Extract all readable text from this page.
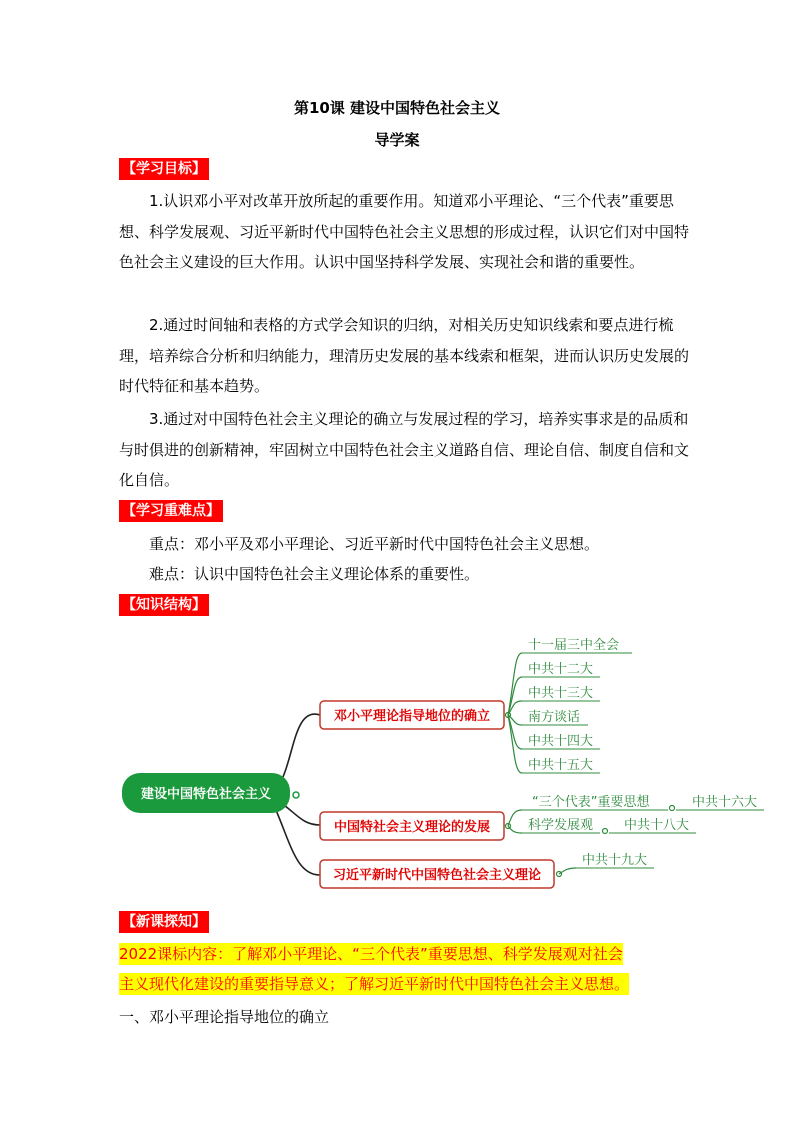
第10课 建设中国特色社会主义
导学案
【学习目标】

1.认识邓小平对改革开放所起的重要作用。知道邓小平理论、“三个代表”重要思想、科学发展观、习近平新时代中国特色社会主义思想的形成过程，认识它们对中国特色社会主义建设的巨大作用。认识中国坚持科学发展、实现社会和谐的重要性。

2.通过时间轴和表格的方式学会知识的归纳，对相关历史知识线索和要点进行梳理，培养综合分析和归纳能力，理清历史发展的基本线索和框架，进而认识历史发展的时代特征和基本趋势。

3.通过对中国特色社会主义理论的确立与发展过程的学习，培养实事求是的品质和与时俱进的创新精神，牢固树立中国特色社会主义道路自信、理论自信、制度自信和文化自信。

【学习重难点】

重点：邓小平及邓小平理论、习近平新时代中国特色社会主义思想。

难点：认识中国特色社会主义理论体系的重要性。

【知识结构】
建设中国特色社会主义
邓小平理论指导地位的确立
十一届三中全会
中共十二大
中共十三大
南方谈话
中共十四大
中共十五大
中国特社会主义理论的发展
“三个代表”重要思想	中共十六大
科学发展观 中共十八大
习近平新时代中国特色社会主义理论
中共十九大
【新课探知】

2022课标内容：了解邓小平理论、“三个代表”重要思想、科学发展观对社会

主义现代化建设的重要指导意义；了解习近平新时代中国特色社会主义思想。

一、邓小平理论指导地位的确立
